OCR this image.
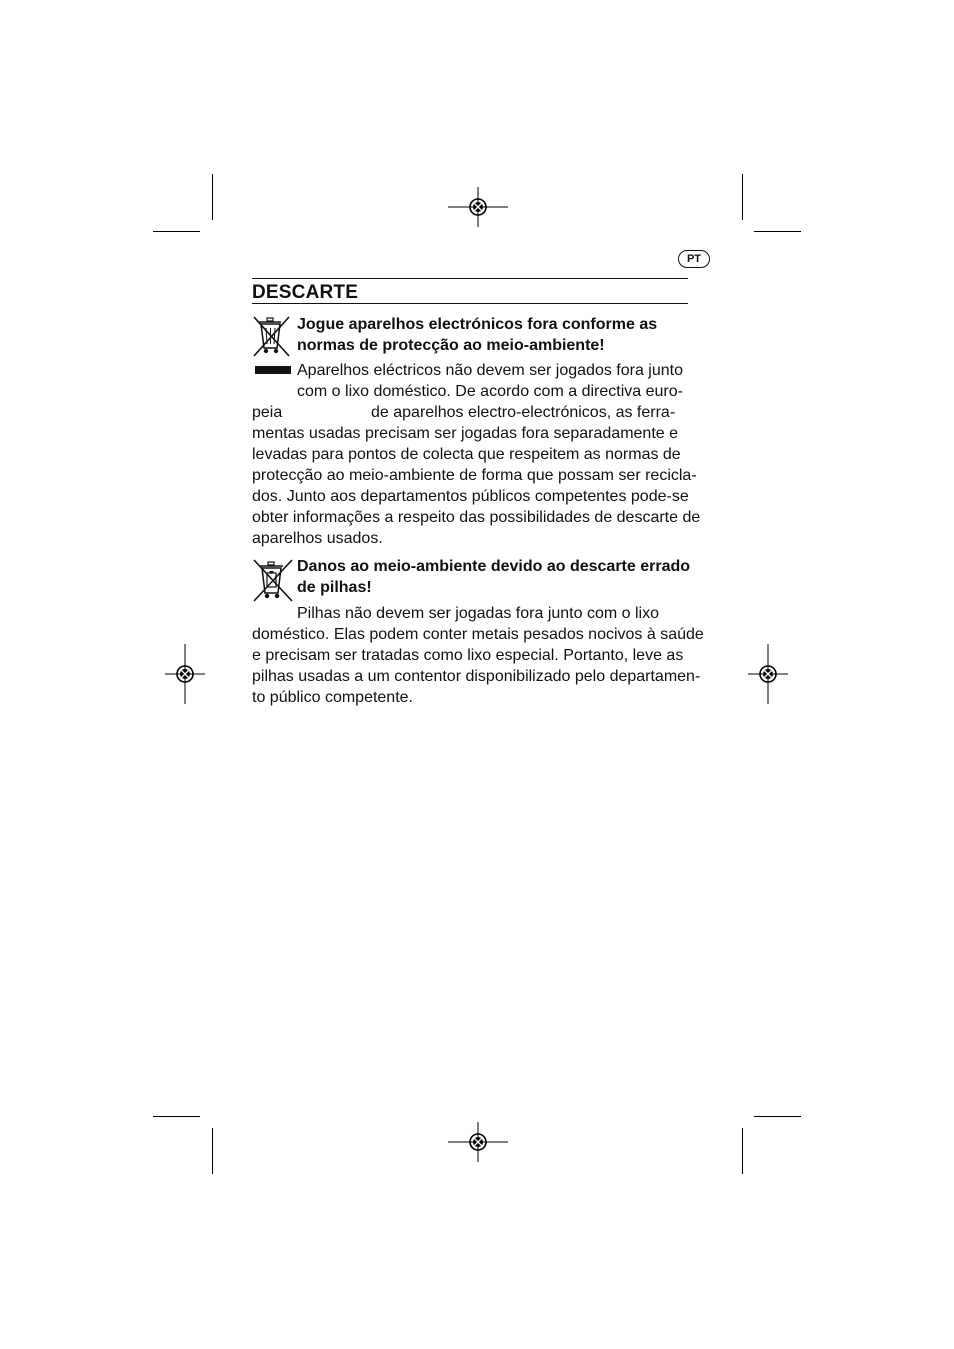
PT
DESCARTE
Jogue aparelhos electrónicos fora conforme as
normas de protecção ao meio-ambiente!
Aparelhos eléctricos não devem ser jogados fora junto
com o lixo doméstico. De acordo com a directiva euro-
peia	de aparelhos electro-electrónicos, as ferra-
mentas usadas precisam ser jogadas fora separadamente e
levadas para pontos de colecta que respeitem as normas de
protecção ao meio-ambiente de forma que possam ser recicla-
dos. Junto aos departamentos públicos competentes pode-se
obter informações a respeito das possibilidades de descarte de
aparelhos usados.
Danos ao meio-ambiente devido ao descarte errado
de pilhas!
Pilhas não devem ser jogadas fora junto com o lixo
doméstico. Elas podem conter metais pesados nocivos à saúde
e precisam ser tratadas como lixo especial. Portanto, leve as
pilhas usadas a um contentor disponibilizado pelo departamen-
to público competente.
